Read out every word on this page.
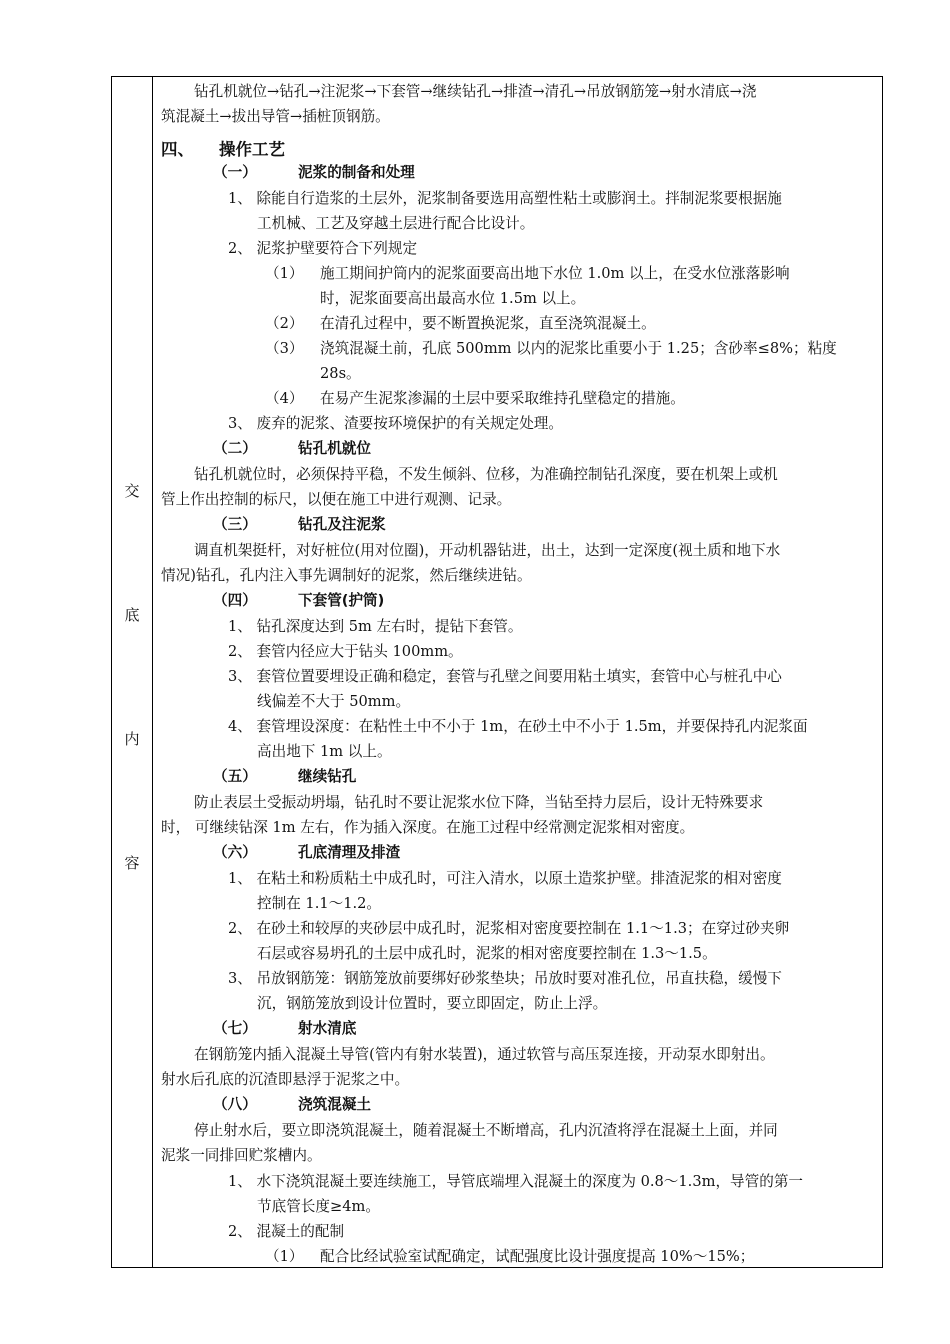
交
底
内
容
钻孔机就位→钻孔→注泥浆→下套管→继续钻孔→排渣→清孔→吊放钢筋笼→射水清底→浇
筑混凝土→拔出导管→插桩顶钢筋。
四、 操作工艺
（一）	泥浆的制备和处理
1、 除能自行造浆的土层外，泥浆制备要选用高塑性粘土或膨润土。拌制泥浆要根据施
工机械、工艺及穿越土层进行配合比设计。
2、 泥浆护壁要符合下列规定
（1） 施工期间护筒内的泥浆面要高出地下水位 1.0m 以上，在受水位涨落影响
时，泥浆面要高出最高水位 1.5m 以上。
（2） 在清孔过程中，要不断置换泥浆，直至浇筑混凝土。
（3） 浇筑混凝土前，孔底 500mm 以内的泥浆比重要小于 1.25；含砂率≤8%；粘度
28s。
（4） 在易产生泥浆渗漏的土层中要采取维持孔壁稳定的措施。
3、 废弃的泥浆、渣要按环境保护的有关规定处理。
（二）	钻孔机就位
钻孔机就位时，必须保持平稳，不发生倾斜、位移，为准确控制钻孔深度，要在机架上或机
管上作出控制的标尺，以便在施工中进行观测、记录。
（三）	钻孔及注泥浆
调直机架挺杆，对好桩位(用对位圈)，开动机器钻进，出土，达到一定深度(视土质和地下水
情况)钻孔，孔内注入事先调制好的泥浆，然后继续进钻。
（四）	下套管(护筒)
1、 钻孔深度达到 5m 左右时，提钻下套管。
2、 套管内径应大于钻头 100mm。
3、 套管位置要埋设正确和稳定，套管与孔壁之间要用粘土填实，套管中心与桩孔中心
线偏差不大于 50mm。
4、 套管埋设深度：在粘性土中不小于 1m，在砂土中不小于 1.5m，并要保持孔内泥浆面
高出地下 1m 以上。
（五）	继续钻孔
防止表层土受振动坍塌，钻孔时不要让泥浆水位下降，当钻至持力层后，设计无特殊要求
时， 可继续钻深 1m 左右，作为插入深度。在施工过程中经常测定泥浆相对密度。
（六）	孔底清理及排渣
1、 在粘土和粉质粘土中成孔时，可注入清水，以原土造浆护壁。排渣泥浆的相对密度
控制在 1.1～1.2。
2、 在砂土和较厚的夹砂层中成孔时，泥浆相对密度要控制在 1.1～1.3；在穿过砂夹卵
石层或容易坍孔的土层中成孔时，泥浆的相对密度要控制在 1.3～1.5。
3、 吊放钢筋笼：钢筋笼放前要绑好砂浆垫块；吊放时要对准孔位，吊直扶稳，缓慢下
沉，钢筋笼放到设计位置时，要立即固定，防止上浮。
（七）	射水清底
在钢筋笼内插入混凝土导管(管内有射水装置)，通过软管与高压泵连接，开动泵水即射出。
射水后孔底的沉渣即悬浮于泥浆之中。
（八）	浇筑混凝土
停止射水后，要立即浇筑混凝土，随着混凝土不断增高，孔内沉渣将浮在混凝土上面，并同
泥浆一同排回贮浆槽内。
1、 水下浇筑混凝土要连续施工，导管底端埋入混凝土的深度为 0.8～1.3m，导管的第一
节底管长度≥4m。
2、 混凝土的配制
（1） 配合比经试验室试配确定，试配强度比设计强度提高 10%～15%；
